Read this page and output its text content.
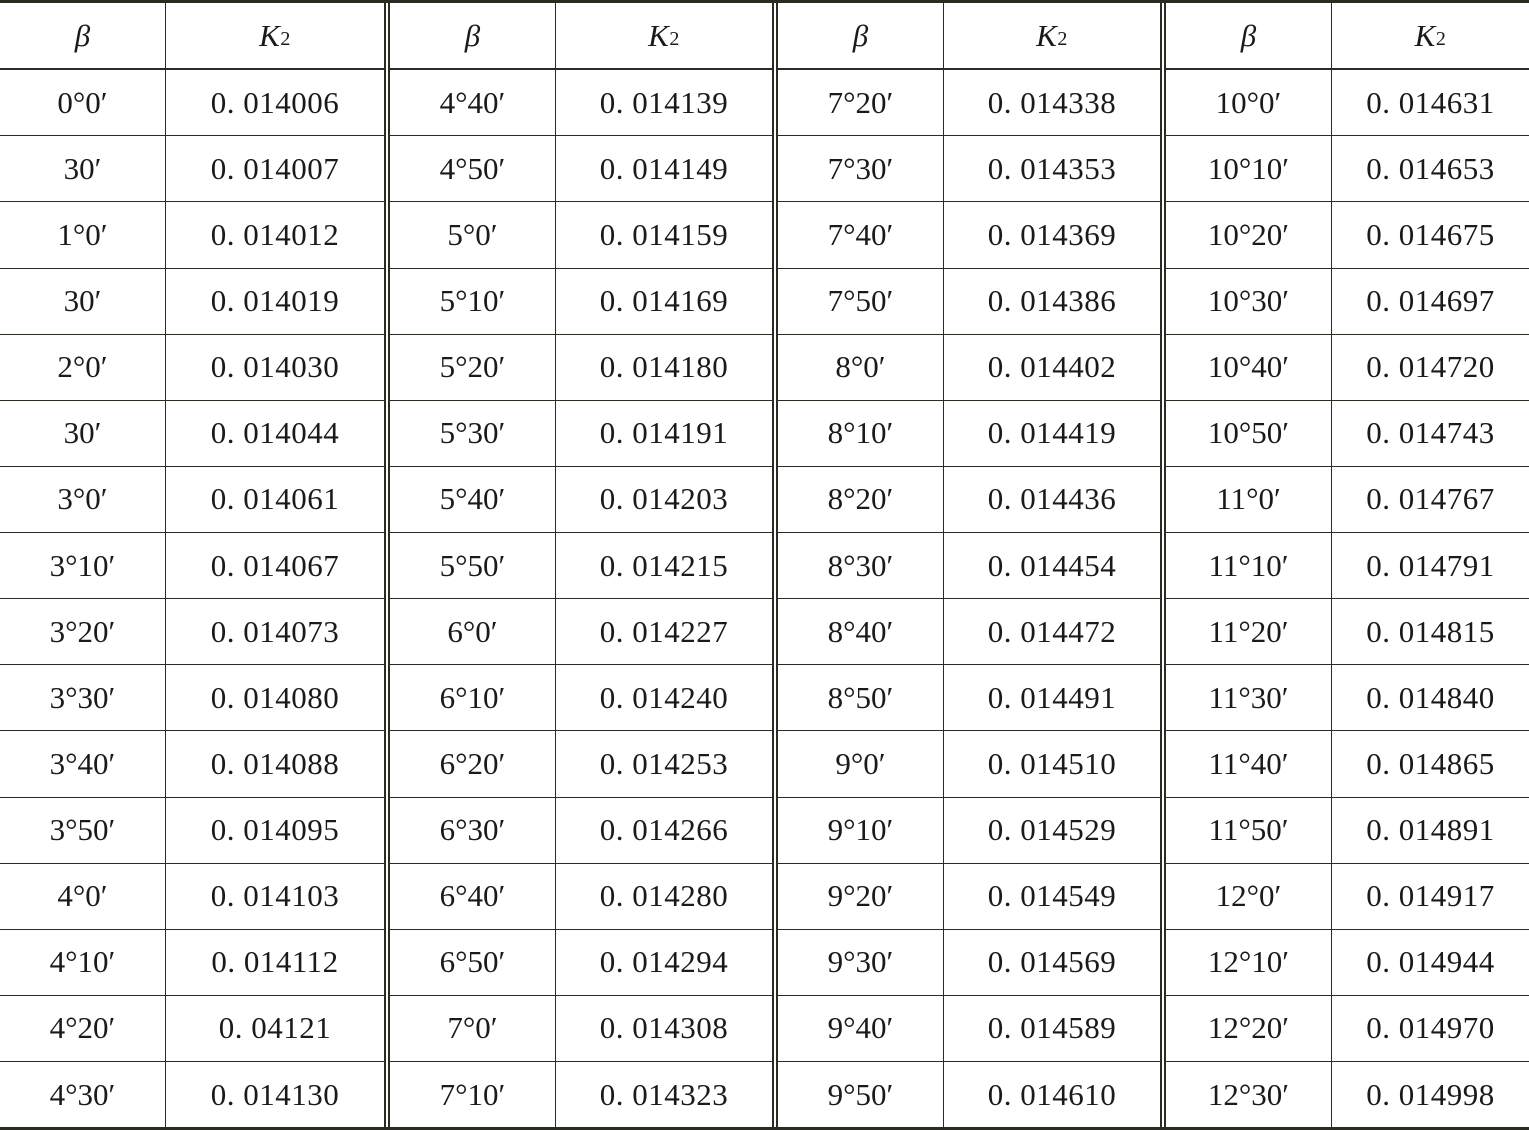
β	$K_2$
0°0′	0. 014006
30′	0. 014007
1°0′	0. 014012
30′	0. 014019
2°0′	0. 014030
30′	0. 014044
3°0′	0. 014061
3°10′	0. 014067
3°20′	0. 014073
3°30′	0. 014080
3°40′	0. 014088
3°50′	0. 014095
4°0′	0. 014103
4°10′	0. 014112
4°20′	0. 04121
4°30′	0. 014130
β	$K_2$
4°40′	0. 014139
4°50′	0. 014149
5°0′	0. 014159
5°10′	0. 014169
5°20′	0. 014180
5°30′	0. 014191
5°40′	0. 014203
5°50′	0. 014215
6°0′	0. 014227
6°10′	0. 014240
6°20′	0. 014253
6°30′	0. 014266
6°40′	0. 014280
6°50′	0. 014294
7°0′	0. 014308
7°10′	0. 014323
β	$K_2$
7°20′	0. 014338
7°30′	0. 014353
7°40′	0. 014369
7°50′	0. 014386
8°0′	0. 014402
8°10′	0. 014419
8°20′	0. 014436
8°30′	0. 014454
8°40′	0. 014472
8°50′	0. 014491
9°0′	0. 014510
9°10′	0. 014529
9°20′	0. 014549
9°30′	0. 014569
9°40′	0. 014589
9°50′	0. 014610
β	$K_2$
10°0′	0. 014631
10°10′	0. 014653
10°20′	0. 014675
10°30′	0. 014697
10°40′	0. 014720
10°50′	0. 014743
11°0′	0. 014767
11°10′	0. 014791
11°20′	0. 014815
11°30′	0. 014840
11°40′	0. 014865
11°50′	0. 014891
12°0′	0. 014917
12°10′	0. 014944
12°20′	0. 014970
12°30′	0. 014998
